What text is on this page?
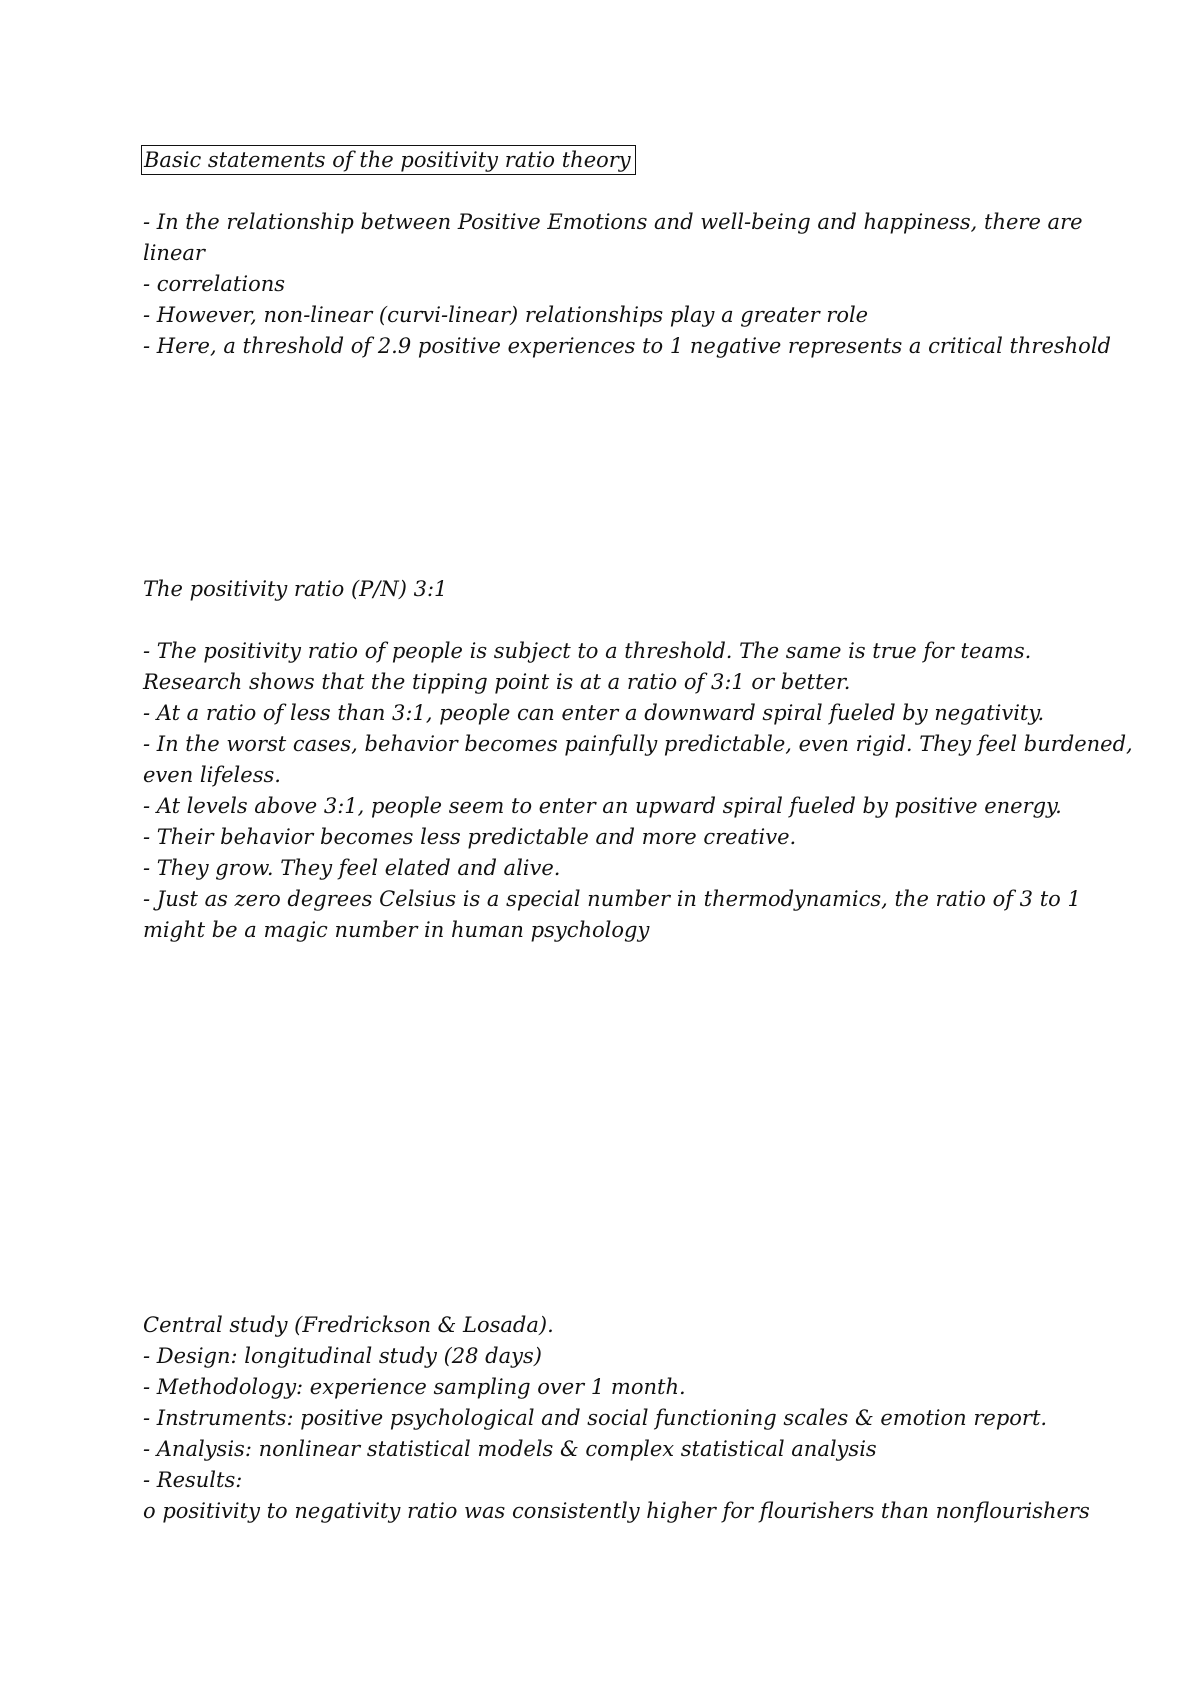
Basic statements of the positivity ratio theory
- In the relationship between Positive Emotions and well-being and happiness, there are
linear
- correlations
- However, non-linear (curvi-linear) relationships play a greater role
- Here, a threshold of 2.9 positive experiences to 1 negative represents a critical threshold
The positivity ratio (P/N) 3:1
- The positivity ratio of people is subject to a threshold. The same is true for teams.
Research shows that the tipping point is at a ratio of 3:1 or better.
- At a ratio of less than 3:1, people can enter a downward spiral fueled by negativity.
- In the worst cases, behavior becomes painfully predictable, even rigid. They feel burdened,
even lifeless.
- At levels above 3:1, people seem to enter an upward spiral fueled by positive energy.
- Their behavior becomes less predictable and more creative.
- They grow. They feel elated and alive.
- Just as zero degrees Celsius is a special number in thermodynamics, the ratio of 3 to 1
might be a magic number in human psychology
Central study (Fredrickson & Losada).
- Design: longitudinal study (28 days)
- Methodology: experience sampling over 1 month.
- Instruments: positive psychological and social functioning scales & emotion report.
- Analysis: nonlinear statistical models & complex statistical analysis
- Results:
o positivity to negativity ratio was consistently higher for flourishers than nonflourishers
